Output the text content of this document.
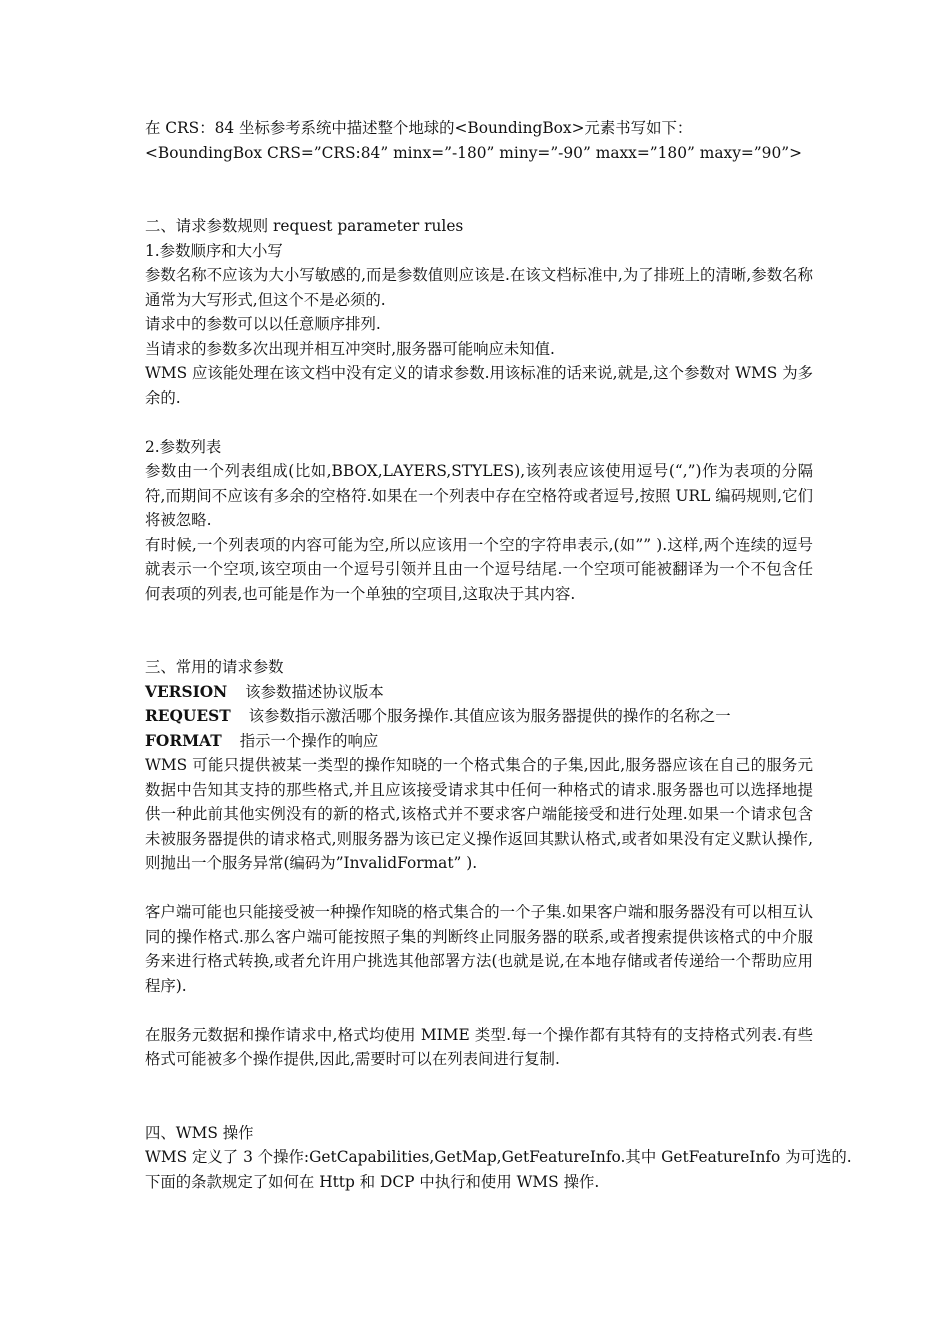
在 CRS：84 坐标参考系统中描述整个地球的<BoundingBox>元素书写如下：

<BoundingBox CRS=”CRS:84” minx=”-180” miny=”-90” maxx=”180” maxy=”90”>

二、请求参数规则 request parameter rules

1.参数顺序和大小写

参数名称不应该为大小写敏感的,而是参数值则应该是.在该文档标准中,为了排班上的清晰,参数名称通常为大写形式,但这个不是必须的.

请求中的参数可以以任意顺序排列.

当请求的参数多次出现并相互冲突时,服务器可能响应未知值.

WMS 应该能处理在该文档中没有定义的请求参数.用该标准的话来说,就是,这个参数对 WMS 为多余的.

2.参数列表

参数由一个列表组成(比如,BBOX,LAYERS,STYLES),该列表应该使用逗号(“,”)作为表项的分隔符,而期间不应该有多余的空格符.如果在一个列表中存在空格符或者逗号,按照 URL 编码规则,它们将被忽略.

有时候,一个列表项的内容可能为空,所以应该用一个空的字符串表示,(如”” ).这样,两个连续的逗号就表示一个空项,该空项由一个逗号引领并且由一个逗号结尾.一个空项可能被翻译为一个不包含任何表项的列表,也可能是作为一个单独的空项目,这取决于其内容.

三、常用的请求参数

VERSION 该参数描述协议版本

REQUEST 该参数指示激活哪个服务操作.其值应该为服务器提供的操作的名称之一

FORMAT 指示一个操作的响应

WMS 可能只提供被某一类型的操作知晓的一个格式集合的子集,因此,服务器应该在自己的服务元数据中告知其支持的那些格式,并且应该接受请求其中任何一种格式的请求.服务器也可以选择地提供一种此前其他实例没有的新的格式,该格式并不要求客户端能接受和进行处理.如果一个请求包含未被服务器提供的请求格式,则服务器为该已定义操作返回其默认格式,或者如果没有定义默认操作,则抛出一个服务异常(编码为”InvalidFormat” ).

客户端可能也只能接受被一种操作知晓的格式集合的一个子集.如果客户端和服务器没有可以相互认同的操作格式.那么客户端可能按照子集的判断终止同服务器的联系,或者搜索提供该格式的中介服务来进行格式转换,或者允许用户挑选其他部署方法(也就是说,在本地存储或者传递给一个帮助应用程序).

在服务元数据和操作请求中,格式均使用 MIME 类型.每一个操作都有其特有的支持格式列表.有些格式可能被多个操作提供,因此,需要时可以在列表间进行复制.

四、WMS 操作

WMS 定义了 3 个操作:GetCapabilities,GetMap,GetFeatureInfo.其中 GetFeatureInfo 为可选的.

下面的条款规定了如何在 Http 和 DCP 中执行和使用 WMS 操作.
